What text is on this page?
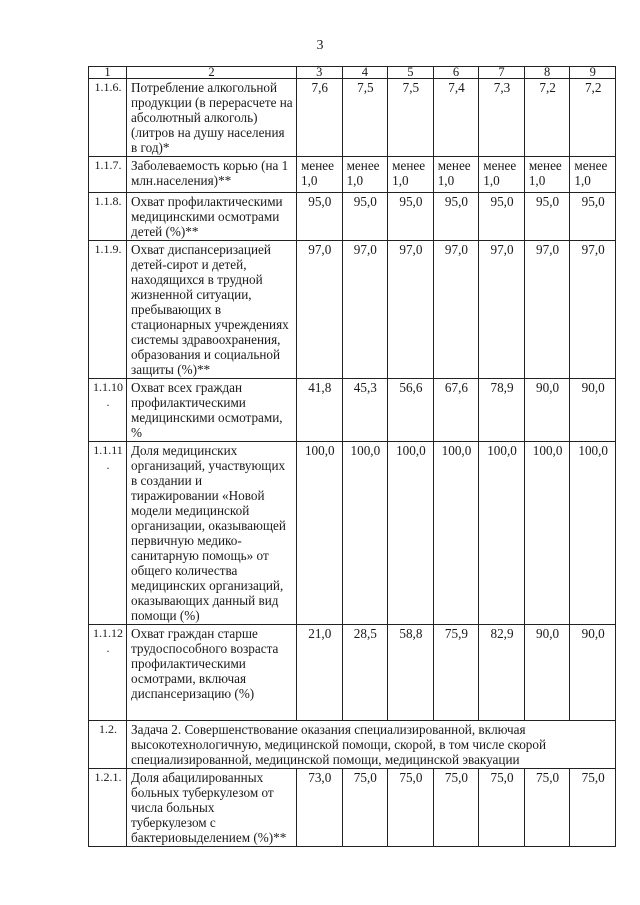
3
1	2	3	4	5	6	7	8	9
1.1.6.	Потребление алкогольной продукции (в перерасчете на абсолютный алкоголь) (литров на душу населения в год)*	7,6	7,5	7,5	7,4	7,3	7,2	7,2
1.1.7.	Заболеваемость корью (на 1 млн.населения)**	менее 1,0	менее 1,0	менее 1,0	менее 1,0	менее 1,0	менее 1,0	менее 1,0
1.1.8.	Охват профилактическими медицинскими осмотрами детей (%)**	95,0	95,0	95,0	95,0	95,0	95,0	95,0
1.1.9.	Охват диспансеризацией детей-сирот и детей, находящихся в трудной жизненной ситуации, пребывающих в стационарных учреждениях системы здравоохранения, образования и социальной защиты (%)**	97,0	97,0	97,0	97,0	97,0	97,0	97,0
1.1.10.	Охват всех граждан профилактическими медицинскими осмотрами, %	41,8	45,3	56,6	67,6	78,9	90,0	90,0
1.1.11.	Доля медицинских организаций, участвующих в создании и тиражировании «Новой модели медицинской организации, оказывающей первичную медико-санитарную помощь» от общего количества медицинских организаций, оказывающих данный вид помощи (%)	100,0	100,0	100,0	100,0	100,0	100,0	100,0
1.1.12.	Охват граждан старше трудоспособного возраста профилактическими осмотрами, включая диспансеризацию (%)	21,0	28,5	58,8	75,9	82,9	90,0	90,0
1.2.	Задача 2. Совершенствование оказания специализированной, включая высокотехнологичную, медицинской помощи, скорой, в том числе скорой специализированной, медицинской помощи, медицинской эвакуации							
1.2.1.	Доля абацилированных больных туберкулезом от числа больных туберкулезом с бактериовыделением (%)**	73,0	75,0	75,0	75,0	75,0	75,0	75,0
